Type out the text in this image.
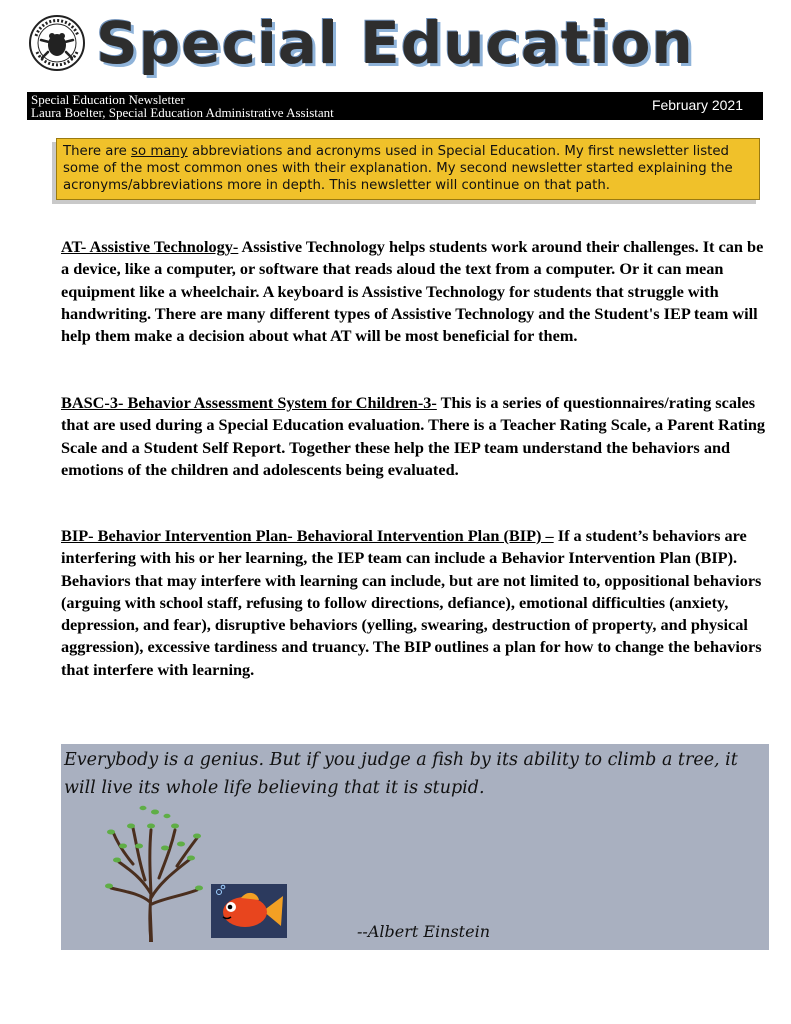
Special Education
Special Education Newsletter
Laura Boelter, Special Education Administrative Assistant	February 2021
There are so many abbreviations and acronyms used in Special Education. My first newsletter listed some of the most common ones with their explanation. My second newsletter started explaining the acronyms/abbreviations more in depth. This newsletter will continue on that path.
AT- Assistive Technology- Assistive Technology helps students work around their challenges. It can be a device, like a computer, or software that reads aloud the text from a computer. Or it can mean equipment like a wheelchair. A keyboard is Assistive Technology for students that struggle with handwriting. There are many different types of Assistive Technology and the Student's IEP team will help them make a decision about what AT will be most beneficial for them.
BASC-3- Behavior Assessment System for Children-3- This is a series of questionnaires/rating scales that are used during a Special Education evaluation. There is a Teacher Rating Scale, a Parent Rating Scale and a Student Self Report. Together these help the IEP team understand the behaviors and emotions of the children and adolescents being evaluated.
BIP- Behavior Intervention Plan- Behavioral Intervention Plan (BIP) – If a student’s behaviors are interfering with his or her learning, the IEP team can include a Behavior Intervention Plan (BIP). Behaviors that may interfere with learning can include, but are not limited to, oppositional behaviors (arguing with school staff, refusing to follow directions, defiance), emotional difficulties (anxiety, depression, and fear), disruptive behaviors (yelling, swearing, destruction of property, and physical aggression), excessive tardiness and truancy. The BIP outlines a plan for how to change the behaviors that interfere with learning.
Everybody is a genius. But if you judge a fish by its ability to climb a tree, it will live its whole life believing that it is stupid.
--Albert Einstein
